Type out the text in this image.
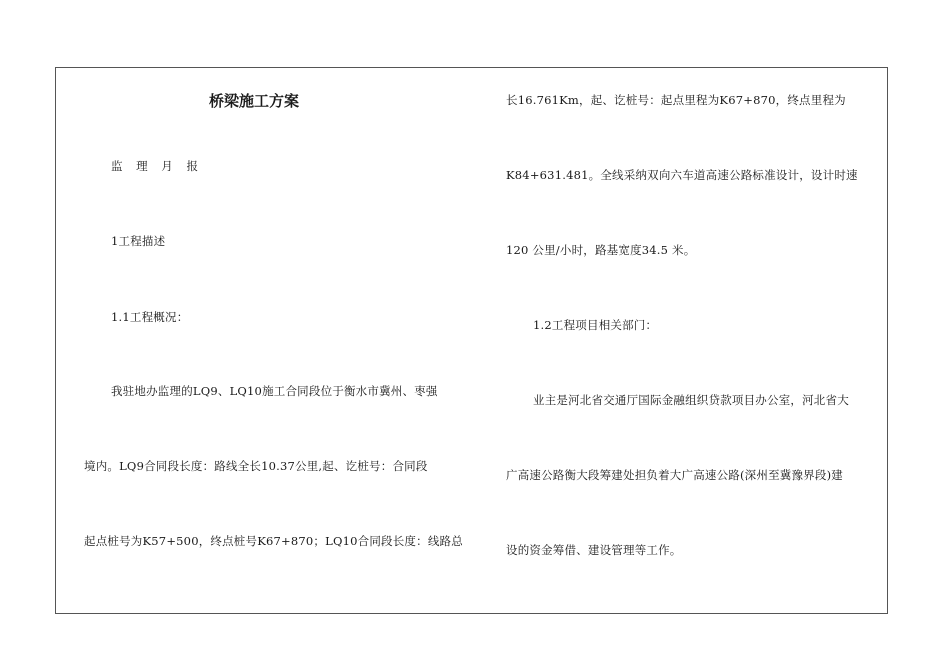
桥梁施工方案
监 理 月 报
1工程描述
1.1工程概况：
我驻地办监理的LQ9、LQ10施工合同段位于衡水市冀州、枣强
境内。LQ9合同段长度：路线全长10.37公里,起、讫桩号：合同段
起点桩号为K57+500，终点桩号K67+870；LQ10合同段长度：线路总
长16.761Km，起、讫桩号：起点里程为K67+870，终点里程为
K84+631.481。全线采纳双向六车道高速公路标准设计，设计时速
120 公里/小时，路基宽度34.5 米。
1.2工程项目相关部门：
业主是河北省交通厅国际金融组织贷款项目办公室，河北省大
广高速公路衡大段筹建处担负着大广高速公路(深州至冀豫界段)建
设的资金筹借、建设管理等工作。
